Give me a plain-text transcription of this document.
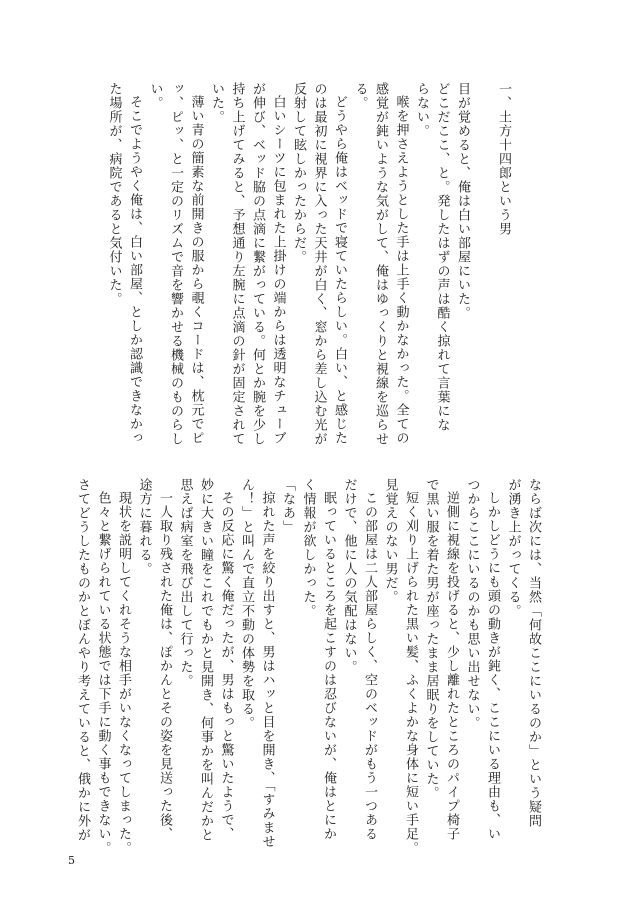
一、土方十四郎という男

目が覚めると、俺は白い部屋にいた。

どこだここ、と。発したはずの声は酷く掠れて言葉にな

らない。

喉を押さえようとした手は上手く動かなかった。全ての

感覚が鈍いような気がして、俺はゆっくりと視線を巡らせ

る。

どうやら俺はベッドで寝ていたらしい。白い、と感じた

のは最初に視界に入った天井が白く、窓から差し込む光が

反射して眩しかったからだ。

白いシーツに包まれた上掛けの端からは透明なチューブ

が伸び、ベッド脇の点滴に繋がっている。何とか腕を少し

持ち上げてみると、予想通り左腕に点滴の針が固定されて

いた。

薄い青の簡素な前開きの服から覗くコードは、枕元でピ

ッ、ピッ、と一定のリズムで音を響かせる機械のものらし

い。

そこでようやく俺は、白い部屋、としか認識できなかっ

た場所が、病院であると気付いた。

ならば次には、当然「何故ここにいるのか」という疑問

が湧き上がってくる。

しかしどうにも頭の動きが鈍く、ここにいる理由も、い

つからここにいるのかも思い出せない。

逆側に視線を投げると、少し離れたところのパイプ椅子

で黒い服を着た男が座ったまま居眠りをしていた。

短く刈り上げられた黒い髪、ふくよかな身体に短い手足。

見覚えのない男だ。

この部屋は二人部屋らしく、空のベッドがもう一つある

だけで、他に人の気配はない。

眠っているところを起こすのは忍びないが、俺はとにか

く情報が欲しかった。

「なあ」

掠れた声を絞り出すと、男はハッと目を開き、「すみませ

ん！」と叫んで直立不動の体勢を取る。

その反応に驚く俺だったが、男はもっと驚いたようで、

妙に大きい瞳をこれでもかと見開き、何事かを叫んだかと

思えば病室を飛び出して行った。

一人取り残された俺は、ぽかんとその姿を見送った後、

途方に暮れる。

現状を説明してくれそうな相手がいなくなってしまった。

色々と繋げられている状態では下手に動く事もできない。

さてどうしたものかとぼんやり考えていると、俄かに外が

5
